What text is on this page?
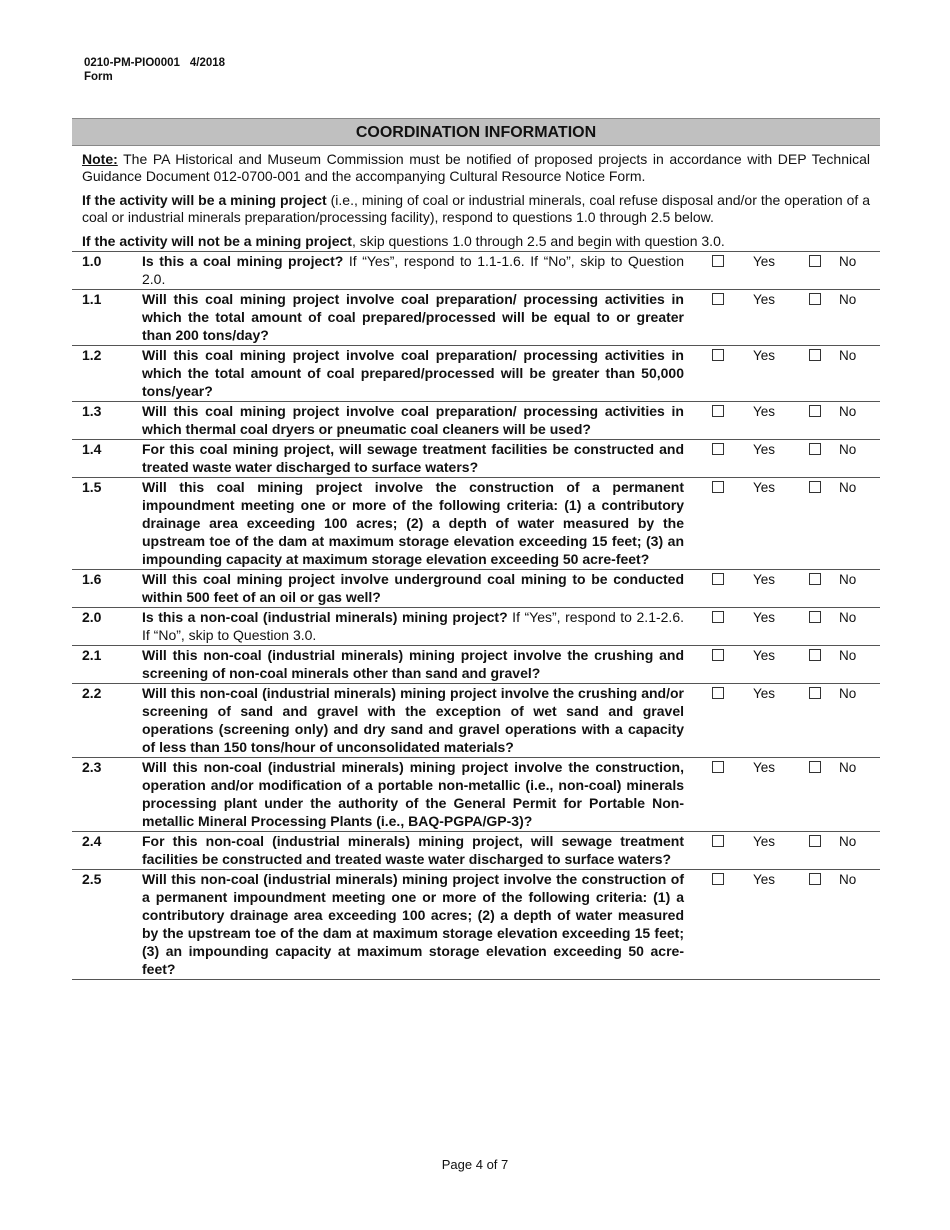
0210-PM-PIO0001 4/2018
Form
COORDINATION INFORMATION
Note: The PA Historical and Museum Commission must be notified of proposed projects in accordance with DEP Technical Guidance Document 012-0700-001 and the accompanying Cultural Resource Notice Form.
If the activity will be a mining project (i.e., mining of coal or industrial minerals, coal refuse disposal and/or the operation of a coal or industrial minerals preparation/processing facility), respond to questions 1.0 through 2.5 below.
If the activity will not be a mining project, skip questions 1.0 through 2.5 and begin with question 3.0.
1.0	Is this a coal mining project? If “Yes”, respond to 1.1-1.6. If “No”, skip to Question 2.0.
Yes	No
1.1	Will this coal mining project involve coal preparation/ processing activities in which the total amount of coal prepared/processed will be equal to or greater than 200 tons/day?
Yes	No
1.2	Will this coal mining project involve coal preparation/ processing activities in which the total amount of coal prepared/processed will be greater than 50,000 tons/year?
Yes	No
1.3	Will this coal mining project involve coal preparation/ processing activities in which thermal coal dryers or pneumatic coal cleaners will be used?
Yes	No
1.4	For this coal mining project, will sewage treatment facilities be constructed and treated waste water discharged to surface waters?
Yes	No
1.5	Will this coal mining project involve the construction of a permanent impoundment meeting one or more of the following criteria: (1) a contributory drainage area exceeding 100 acres; (2) a depth of water measured by the upstream toe of the dam at maximum storage elevation exceeding 15 feet; (3) an impounding capacity at maximum storage elevation exceeding 50 acre-feet?
Yes	No
1.6	Will this coal mining project involve underground coal mining to be conducted within 500 feet of an oil or gas well?
Yes	No
2.0	Is this a non-coal (industrial minerals) mining project? If “Yes”, respond to 2.1-2.6. If “No”, skip to Question 3.0.
Yes	No
2.1	Will this non-coal (industrial minerals) mining project involve the crushing and screening of non-coal minerals other than sand and gravel?
Yes	No
2.2	Will this non-coal (industrial minerals) mining project involve the crushing and/or screening of sand and gravel with the exception of wet sand and gravel operations (screening only) and dry sand and gravel operations with a capacity of less than 150 tons/hour of unconsolidated materials?
Yes	No
2.3	Will this non-coal (industrial minerals) mining project involve the construction, operation and/or modification of a portable non-metallic (i.e., non-coal) minerals processing plant under the authority of the General Permit for Portable Non-metallic Mineral Processing Plants (i.e., BAQ-PGPA/GP-3)?
Yes	No
2.4	For this non-coal (industrial minerals) mining project, will sewage treatment facilities be constructed and treated waste water discharged to surface waters?
Yes	No
2.5	Will this non-coal (industrial minerals) mining project involve the construction of a permanent impoundment meeting one or more of the following criteria: (1) a contributory drainage area exceeding 100 acres; (2) a depth of water measured by the upstream toe of the dam at maximum storage elevation exceeding 15 feet; (3) an impounding capacity at maximum storage elevation exceeding 50 acre-feet?
Yes	No
Page 4 of 7
